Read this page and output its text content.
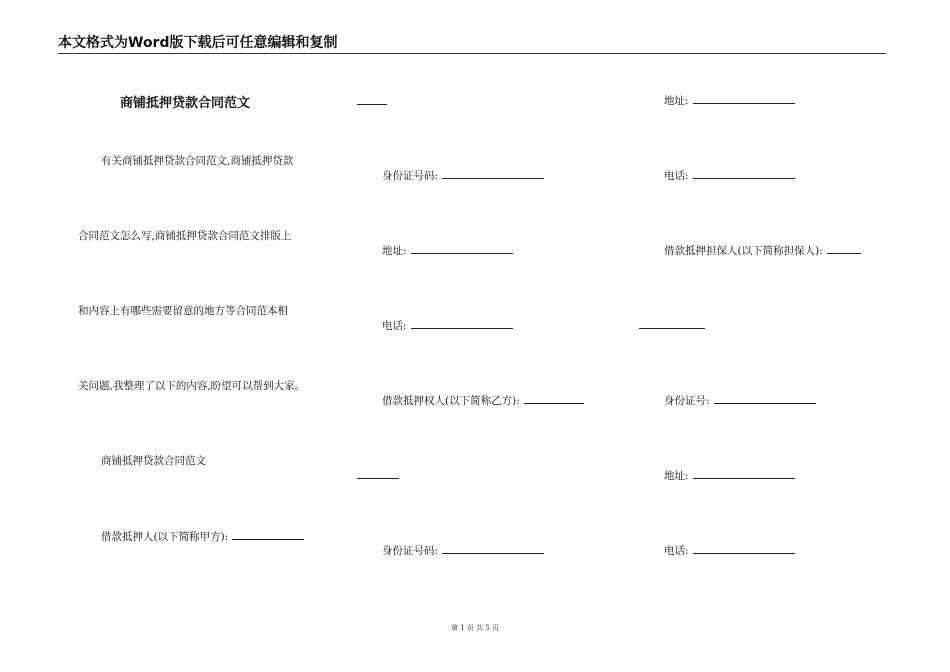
本文格式为Word版下载后可任意编辑和复制
商铺抵押贷款合同范文
有关商铺抵押贷款合同范文,商铺抵押贷款
合同范文怎么写,商铺抵押贷款合同范文排版上
和内容上有哪些需要留意的地方等合同范本相
关问题,我整理了以下的内容,盼望可以帮到大家。
商铺抵押贷款合同范文
借款抵押人(以下简称甲方):
身份证号码:
地址:
电话:
借款抵押权人(以下简称乙方):
身份证号码:
地址:
电话:
借款抵押担保人(以下简称担保人):
身份证号:
地址:
电话:
第 1 页 共 5 页
